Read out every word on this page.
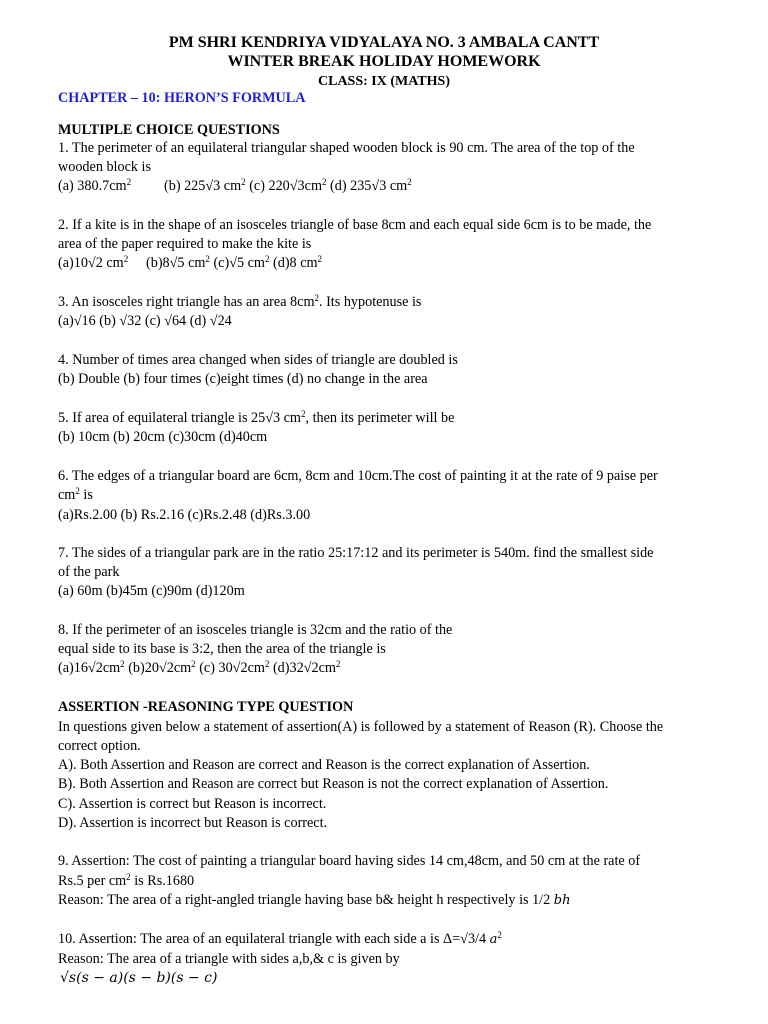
PM SHRI KENDRIYA VIDYALAYA NO. 3 AMBALA CANTT
WINTER BREAK HOLIDAY HOMEWORK
CLASS: IX (MATHS)
CHAPTER – 10: HERON’S FORMULA
MULTIPLE CHOICE QUESTIONS
1. The perimeter of an equilateral triangular shaped wooden block is 90 cm. The area of the top of the
wooden block is
(a) $380.7cm^2$ (b) 225√3 $cm^2$ (c) $220√3cm^2$ (d) 235√3 $cm^2$
2. If a kite is in the shape of an isosceles triangle of base 8cm and each equal side 6cm is to be made, the
area of the paper required to make the kite is
(a)10√2 $cm^2$ (b)8√5 $cm^2$ (c)√5 $cm^2$ (d)8 $cm^2$
3. An isosceles right triangle has an area $8cm^2$. Its hypotenuse is
(a)√16 (b) √32 (c) √64 (d) √24
4. Number of times area changed when sides of triangle are doubled is
(b) Double (b) four times (c)eight times (d) no change in the area
5. If area of equilateral triangle is 25√3 $cm^2$, then its perimeter will be
(b) 10cm (b) 20cm (c)30cm (d)40cm
6. The edges of a triangular board are 6cm, 8cm and 10cm.The cost of painting it at the rate of 9 paise per
$cm^2$ is
(a)Rs.2.00 (b) Rs.2.16 (c)Rs.2.48 (d)Rs.3.00
7. The sides of a triangular park are in the ratio 25:17:12 and its perimeter is 540m. find the smallest side
of the park
(a) 60m (b)45m (c)90m (d)120m
8. If the perimeter of an isosceles triangle is 32cm and the ratio of the
equal side to its base is 3:2, then the area of the triangle is
$(a)16√2cm^2$ $(b)20√2cm^2$ (c) $30√2cm^2$ $(d)32√2cm^2$
ASSERTION -REASONING TYPE QUESTION
In questions given below a statement of assertion(A) is followed by a statement of Reason (R). Choose the
correct option.
A). Both Assertion and Reason are correct and Reason is the correct explanation of Assertion.
B). Both Assertion and Reason are correct but Reason is not the correct explanation of Assertion.
C). Assertion is correct but Reason is incorrect.
D). Assertion is incorrect but Reason is correct.
9. Assertion: The cost of painting a triangular board having sides 14 cm,48cm, and 50 cm at the rate of
Rs.5 per $cm^2$ is Rs.1680
Reason: The area of a right-angled triangle having base b& height h respectively is 1/2 bh
10. Assertion: The area of an equilateral triangle with each side a is Δ=√3/4 $a^2$
Reason: The area of a triangle with sides a,b,& c is given by
√s(s − a)(s − b)(s − c)
